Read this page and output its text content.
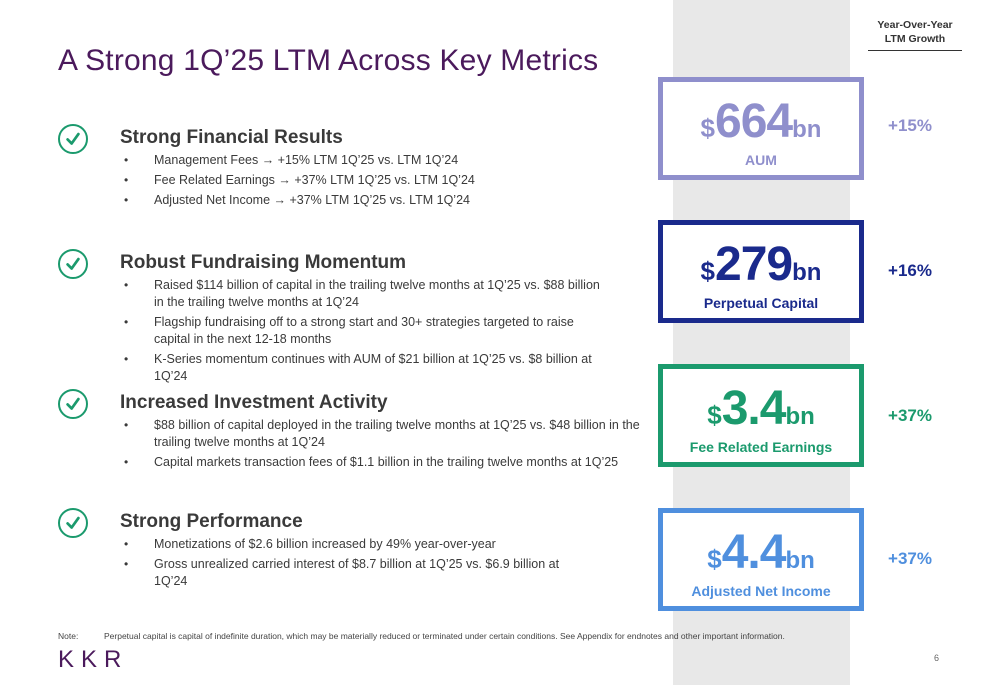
A Strong 1Q’25 LTM Across Key Metrics
Year-Over-Year
LTM Growth
Strong Financial Results
• Management Fees → +15% LTM 1Q’25 vs. LTM 1Q’24
• Fee Related Earnings → +37% LTM 1Q’25 vs. LTM 1Q’24
• Adjusted Net Income → +37% LTM 1Q’25 vs. LTM 1Q’24
Robust Fundraising Momentum
• Raised $114 billion of capital in the trailing twelve months at 1Q’25 vs. $88 billion in the trailing twelve months at 1Q’24
• Flagship fundraising off to a strong start and 30+ strategies targeted to raise capital in the next 12-18 months
• K-Series momentum continues with AUM of $21 billion at 1Q’25 vs. $8 billion at 1Q’24
Increased Investment Activity
• $88 billion of capital deployed in the trailing twelve months at 1Q’25 vs. $48 billion in the trailing twelve months at 1Q’24
• Capital markets transaction fees of $1.1 billion in the trailing twelve months at 1Q’25
Strong Performance
• Monetizations of $2.6 billion increased by 49% year-over-year
• Gross unrealized carried interest of $8.7 billion at 1Q’25 vs. $6.9 billion at 1Q’24
$664bn
AUM
+15%
$279bn
Perpetual Capital
+16%
$3.4bn
Fee Related Earnings
+37%
$4.4bn
Adjusted Net Income
+37%
Note:	Perpetual capital is capital of indefinite duration, which may be materially reduced or terminated under certain conditions. See Appendix for endnotes and other important information.
KKR	6
